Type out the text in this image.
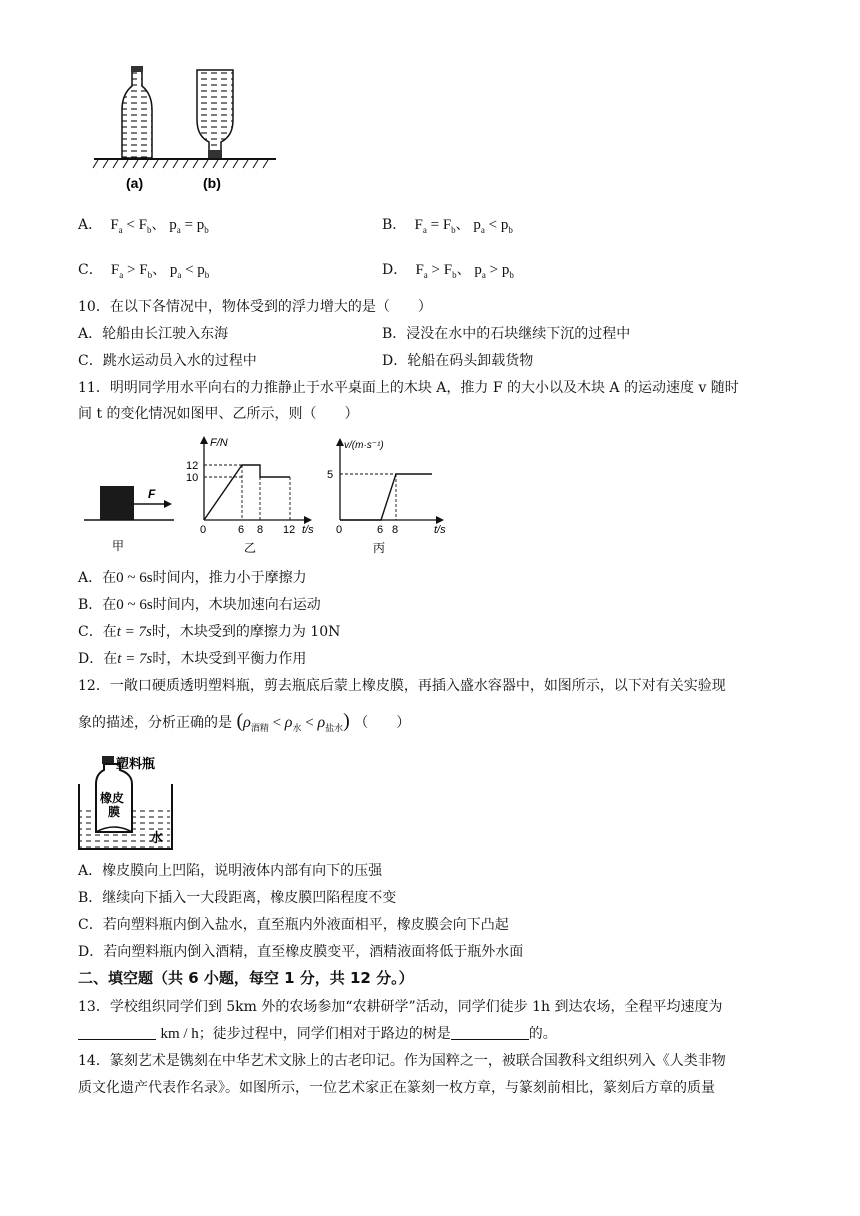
(a)	(b)
A． $F_a < F_b$、 $p_a = p_b$	B． $F_a = F_b$、 $p_a < p_b$
C． $F_a > F_b$、 $p_a < p_b$	D． $F_a > F_b$、 $p_a > p_b$
10．在以下各情况中，物体受到的浮力增大的是（　　）
A．轮船由长江驶入东海	B．浸没在水中的石块继续下沉的过程中
C．跳水运动员入水的过程中	D．轮船在码头卸载货物
11．明明同学用水平向右的力推静止于水平桌面上的木块 A，推力 F 的大小以及木块 A 的运动速度 v 随时
间 t 的变化情况如图甲、乙所示，则（　　）
F
甲
F/N
t/s
12
10
0	6 8 12
乙
v/(m·s⁻¹)
t/s
5
0	6 8
丙
A．在0 ~ 6s时间内，推力小于摩擦力
B．在0 ~ 6s时间内，木块加速向右运动
C．在t = 7s时，木块受到的摩擦力为 10N
D．在t = 7s时，木块受到平衡力作用
12．一敞口硬质透明塑料瓶，剪去瓶底后蒙上橡皮膜，再插入盛水容器中，如图所示，以下对有关实验现
象的描述，分析正确的是 $(\rho_{酒精} < \rho_水 < \rho_{盐水})$ （　　）
塑料瓶
橡皮
膜
水
A．橡皮膜向上凹陷，说明液体内部有向下的压强
B．继续向下插入一大段距离，橡皮膜凹陷程度不变
C．若向塑料瓶内倒入盐水，直至瓶内外液面相平，橡皮膜会向下凸起
D．若向塑料瓶内倒入酒精，直至橡皮膜变平，酒精液面将低于瓶外水面
二、填空题（共 6 小题，每空 1 分，共 12 分。）
13．学校组织同学们到 5km 外的农场参加“农耕研学”活动，同学们徒步 1h 到达农场，全程平均速度为
km / h；徒步过程中，同学们相对于路边的树是	的。
14．篆刻艺术是镌刻在中华艺术文脉上的古老印记。作为国粹之一，被联合国教科文组织列入《人类非物
质文化遗产代表作名录》。如图所示，一位艺术家正在篆刻一枚方章，与篆刻前相比，篆刻后方章的质量
